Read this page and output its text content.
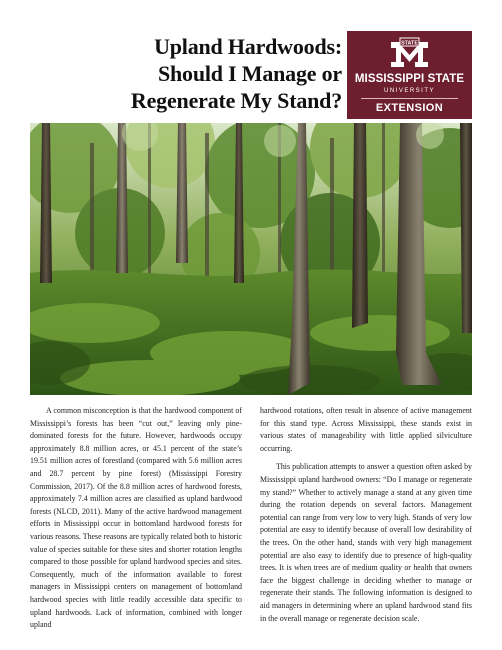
Upland Hardwoods:
Should I Manage or
Regenerate My Stand?
STATE
MISSISSIPPI STATE
UNIVERSITY
EXTENSION

A common misconception is that the hardwood component of Mississippi’s forests has been “cut out,” leaving only pine-dominated forests for the future. However, hardwoods occupy approximately 8.8 million acres, or 45.1 percent of the state’s 19.51 million acres of forestland (compared with 5.6 million acres and 28.7 percent by pine forest) (Mississippi Forestry Commission, 2017). Of the 8.8 million acres of hardwood forests, approximately 7.4 million acres are classified as upland hardwood forests (NLCD, 2011). Many of the active hardwood management efforts in Mississippi occur in bottomland hardwood forests for various reasons. These reasons are typically related both to historic value of species suitable for these sites and shorter rotation lengths compared to those possible for upland hardwood species and sites. Consequently, much of the information available to forest managers in Mississippi centers on management of bottomland hardwood species with little readily accessible data specific to upland hardwoods. Lack of information, combined with longer upland

hardwood rotations, often result in absence of active management for this stand type. Across Mississippi, these stands exist in various states of manageability with little applied silviculture occurring.

This publication attempts to answer a question often asked by Mississippi upland hardwood owners: “Do I manage or regenerate my stand?” Whether to actively manage a stand at any given time during the rotation depends on several factors. Management potential can range from very low to very high. Stands of very low potential are easy to identify because of overall low desirability of the trees. On the other hand, stands with very high management potential are also easy to identify due to presence of high-quality trees. It is when trees are of medium quality or health that owners face the biggest challenge in deciding whether to manage or regenerate their stands. The following information is designed to aid managers in determining where an upland hardwood stand fits in the overall manage or regenerate decision scale.
